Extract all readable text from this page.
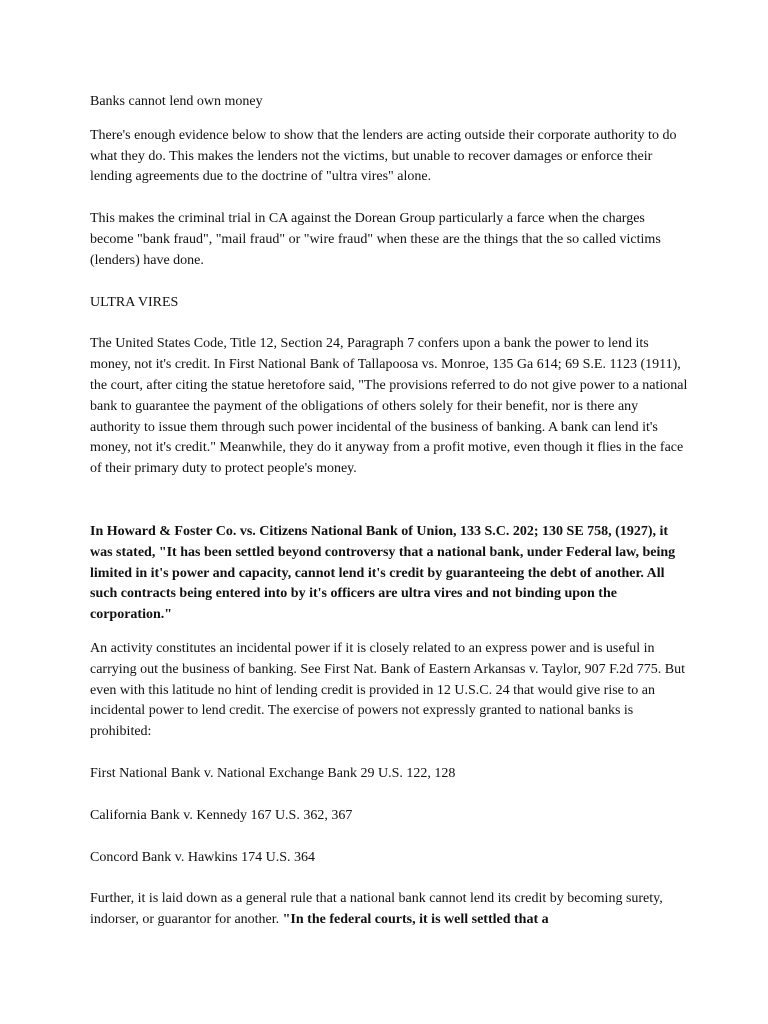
Banks cannot lend own money

There's enough evidence below to show that the lenders are acting outside their corporate authority to do what they do. This makes the lenders not the victims, but unable to recover damages or enforce their lending agreements due to the doctrine of "ultra vires" alone.

This makes the criminal trial in CA against the Dorean Group particularly a farce when the charges become "bank fraud", "mail fraud" or "wire fraud" when these are the things that the so called victims (lenders) have done.

ULTRA VIRES

The United States Code, Title 12, Section 24, Paragraph 7 confers upon a bank the power to lend its money, not it's credit. In First National Bank of Tallapoosa vs. Monroe, 135 Ga 614; 69 S.E. 1123 (1911), the court, after citing the statue heretofore said, "The provisions referred to do not give power to a national bank to guarantee the payment of the obligations of others solely for their benefit, nor is there any authority to issue them through such power incidental of the business of banking. A bank can lend it's money, not it's credit." Meanwhile, they do it anyway from a profit motive, even though it flies in the face of their primary duty to protect people's money.

In Howard & Foster Co. vs. Citizens National Bank of Union, 133 S.C. 202; 130 SE 758, (1927), it was stated, "It has been settled beyond controversy that a national bank, under Federal law, being limited in it's power and capacity, cannot lend it's credit by guaranteeing the debt of another. All such contracts being entered into by it's officers are ultra vires and not binding upon the corporation."

An activity constitutes an incidental power if it is closely related to an express power and is useful in carrying out the business of banking. See First Nat. Bank of Eastern Arkansas v. Taylor, 907 F.2d 775. But even with this latitude no hint of lending credit is provided in 12 U.S.C. 24 that would give rise to an incidental power to lend credit. The exercise of powers not expressly granted to national banks is prohibited:

First National Bank v. National Exchange Bank 29 U.S. 122, 128

California Bank v. Kennedy 167 U.S. 362, 367

Concord Bank v. Hawkins 174 U.S. 364

Further, it is laid down as a general rule that a national bank cannot lend its credit by becoming surety, indorser, or guarantor for another. "In the federal courts, it is well settled that a
